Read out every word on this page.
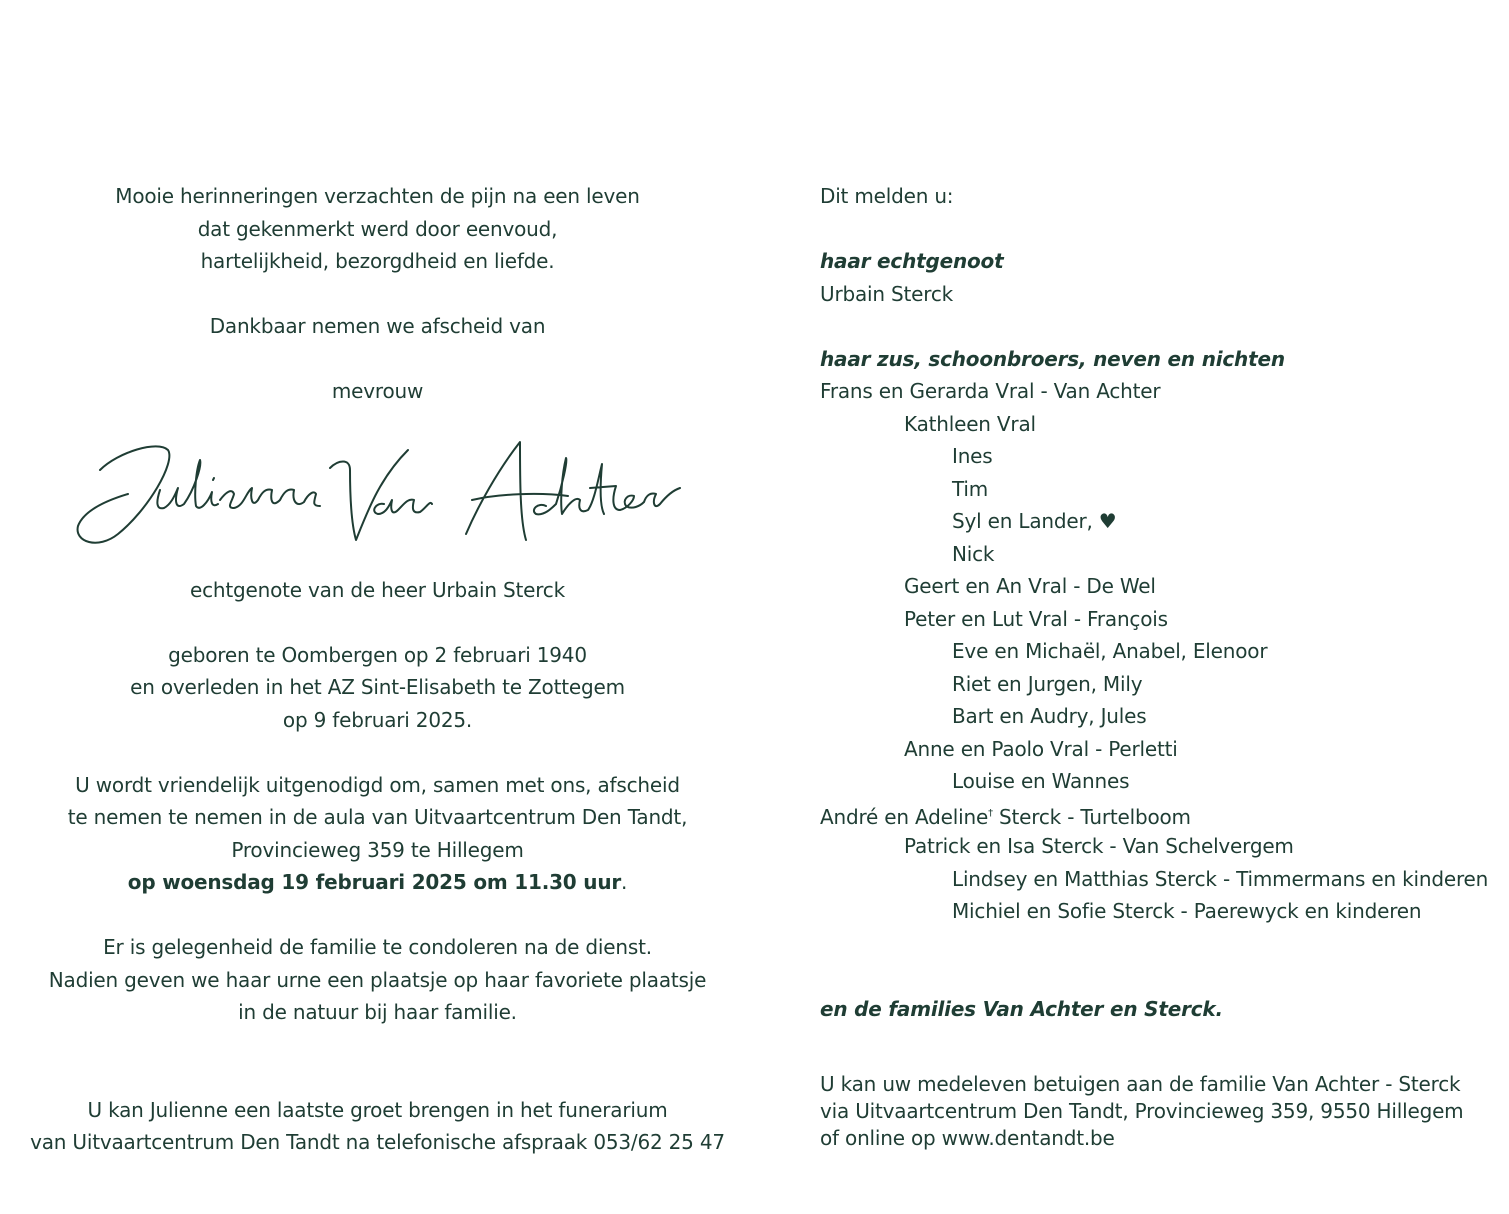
Mooie herinneringen verzachten de pijn na een leven
dat gekenmerkt werd door eenvoud,
hartelijkheid, bezorgdheid en liefde.
Dankbaar nemen we afscheid van
mevrouw
echtgenote van de heer Urbain Sterck
geboren te Oombergen op 2 februari 1940
en overleden in het AZ Sint-Elisabeth te Zottegem
op 9 februari 2025.
U wordt vriendelijk uitgenodigd om, samen met ons, afscheid
te nemen te nemen in de aula van Uitvaartcentrum Den Tandt,
Provincieweg 359 te Hillegem
op woensdag 19 februari 2025 om 11.30 uur.
Er is gelegenheid de familie te condoleren na de dienst.
Nadien geven we haar urne een plaatsje op haar favoriete plaatsje
in de natuur bij haar familie.
U kan Julienne een laatste groet brengen in het funerarium
van Uitvaartcentrum Den Tandt na telefonische afspraak 053/62 25 47
Dit melden u:
haar echtgenoot
Urbain Sterck
haar zus, schoonbroers, neven en nichten
Frans en Gerarda Vral - Van Achter
Kathleen Vral
Ines
Tim
Syl en Lander, ♥
Nick
Geert en An Vral - De Wel
Peter en Lut Vral - François
Eve en Michaël, Anabel, Elenoor
Riet en Jurgen, Mily
Bart en Audry, Jules
Anne en Paolo Vral - Perletti
Louise en Wannes
André en Adeline† Sterck - Turtelboom
Patrick en Isa Sterck - Van Schelvergem
Lindsey en Matthias Sterck - Timmermans en kinderen
Michiel en Sofie Sterck - Paerewyck en kinderen
en de families Van Achter en Sterck.
U kan uw medeleven betuigen aan de familie Van Achter - Sterck
via Uitvaartcentrum Den Tandt, Provincieweg 359, 9550 Hillegem
of online op www.dentandt.be
